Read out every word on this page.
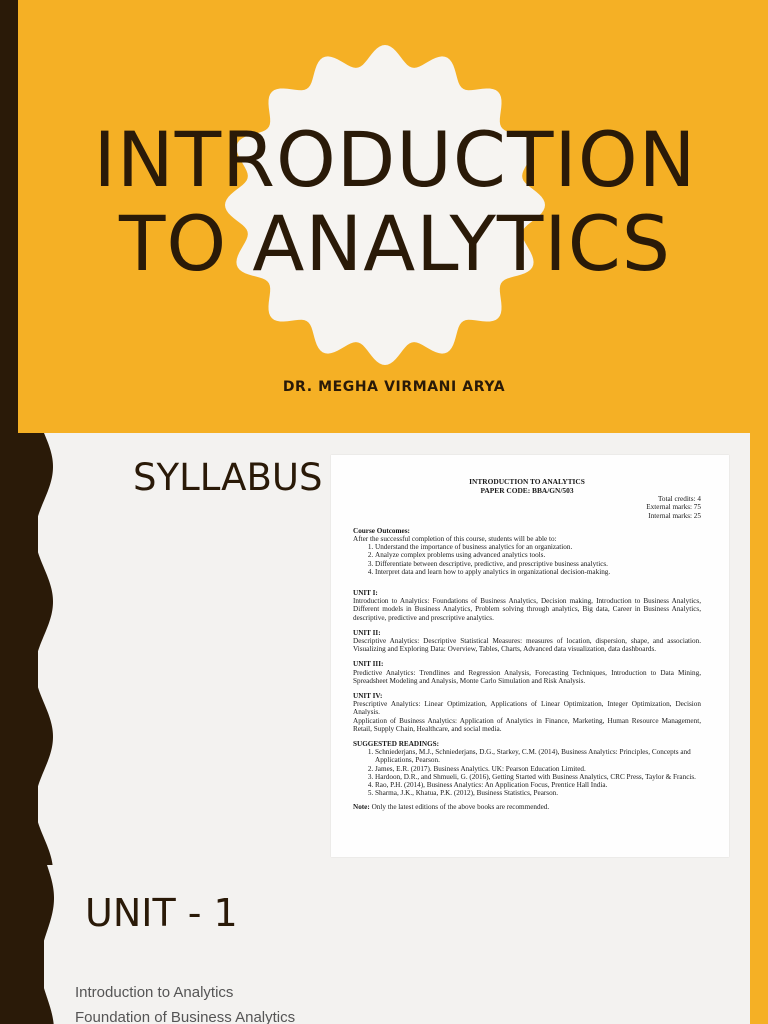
INTRODUCTION
TO ANALYTICS
DR. MEGHA VIRMANI ARYA
SYLLABUS	INTRODUCTION TO ANALYTICS
PAPER CODE: BBA/GN/503
Total credits: 4
External marks: 75
Internal marks: 25
Course Outcomes:

After the successful completion of this course, students will be able to:

1. Understand the importance of business analytics for an organization.
2. Analyze complex problems using advanced analytics tools.
3. Differentiate between descriptive, predictive, and prescriptive business analytics.
4. Interpret data and learn how to apply analytics in organizational decision-making.
UNIT I:

Introduction to Analytics: Foundations of Business Analytics, Decision making, Introduction to Business Analytics, Different models in Business Analytics, Problem solving through analytics, Big data, Career in Business Analytics, descriptive, predictive and prescriptive analytics.

UNIT II:

Descriptive Analytics: Descriptive Statistical Measures: measures of location, dispersion, shape, and association. Visualizing and Exploring Data: Overview, Tables, Charts, Advanced data visualization, data dashboards.

UNIT III:

Predictive Analytics: Trendlines and Regression Analysis, Forecasting Techniques, Introduction to Data Mining, Spreadsheet Modeling and Analysis, Monte Carlo Simulation and Risk Analysis.

UNIT IV:

Prescriptive Analytics: Linear Optimization, Applications of Linear Optimization, Integer Optimization, Decision Analysis.

Application of Business Analytics: Application of Analytics in Finance, Marketing, Human Resource Management, Retail, Supply Chain, Healthcare, and social media.

SUGGESTED READINGS:
1. Schniederjans, M.J., Schniederjans, D.G., Starkey, C.M. (2014), Business Analytics: Principles, Concepts and Applications, Pearson.
2. James, E.R. (2017). Business Analytics. UK: Pearson Education Limited.
3. Hardoon, D.R., and Shmueli, G. (2016), Getting Started with Business Analytics, CRC Press, Taylor & Francis.
4. Rao, P.H. (2014), Business Analytics: An Application Focus, Prentice Hall India.
5. Sharma, J.K., Khatua, P.K. (2012), Business Statistics, Pearson.

Note: Only the latest editions of the above books are recommended.

UNIT - 1
Introduction to Analytics
Foundation of Business Analytics
